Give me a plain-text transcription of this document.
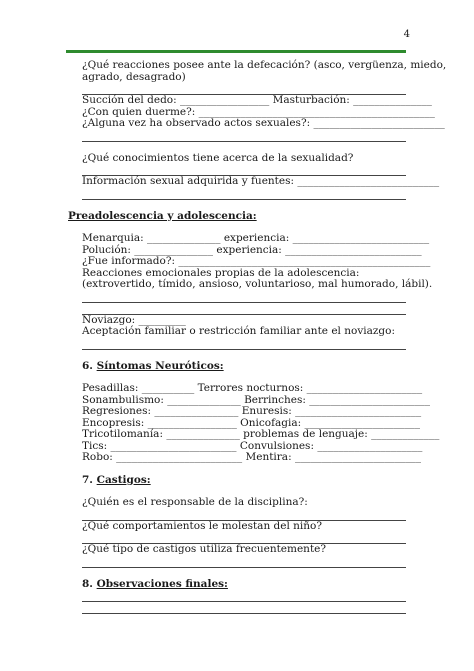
4
¿Qué reacciones posee ante la defecación? (asco, vergüenza, miedo,
agrado, desagrado)
Succión del dedo: _________________ Masturbación: _______________
¿Con quien duerme?: _____________________________________________
¿Alguna vez ha observado actos sexuales?: _________________________
¿Qué conocimientos tiene acerca de la sexualidad?
Información sexual adquirida y fuentes: ___________________________
Preadolescencia y adolescencia:
Menarquia: ______________ experiencia: __________________________
Polución: _______________ experiencia: __________________________
¿Fue informado?: ________________________________________________
Reacciones emocionales propias de la adolescencia:
(extrovertido, tímido, ansioso, voluntarioso, mal humorado, lábil).
Noviazgo: _________
Aceptación familiar o restricción familiar ante el noviazgo:
6. Síntomas Neuróticos:
Pesadillas: __________ Terrores nocturnos: ______________________
Sonambulismo: ______________ Berrinches: _______________________
Regresiones: ________________ Enuresis: ________________________
Encopresis: _________________ Onicofagia: ______________________
Tricotilomanía: ______________ problemas de lenguaje: _____________
Tics: ________________________ Convulsiones: ____________________
Robo: ________________________ Mentira: ________________________
7. Castigos:
¿Quién es el responsable de la disciplina?:
¿Qué comportamientos le molestan del niño?
¿Qué tipo de castigos utiliza frecuentemente?
8. Observaciones finales:
